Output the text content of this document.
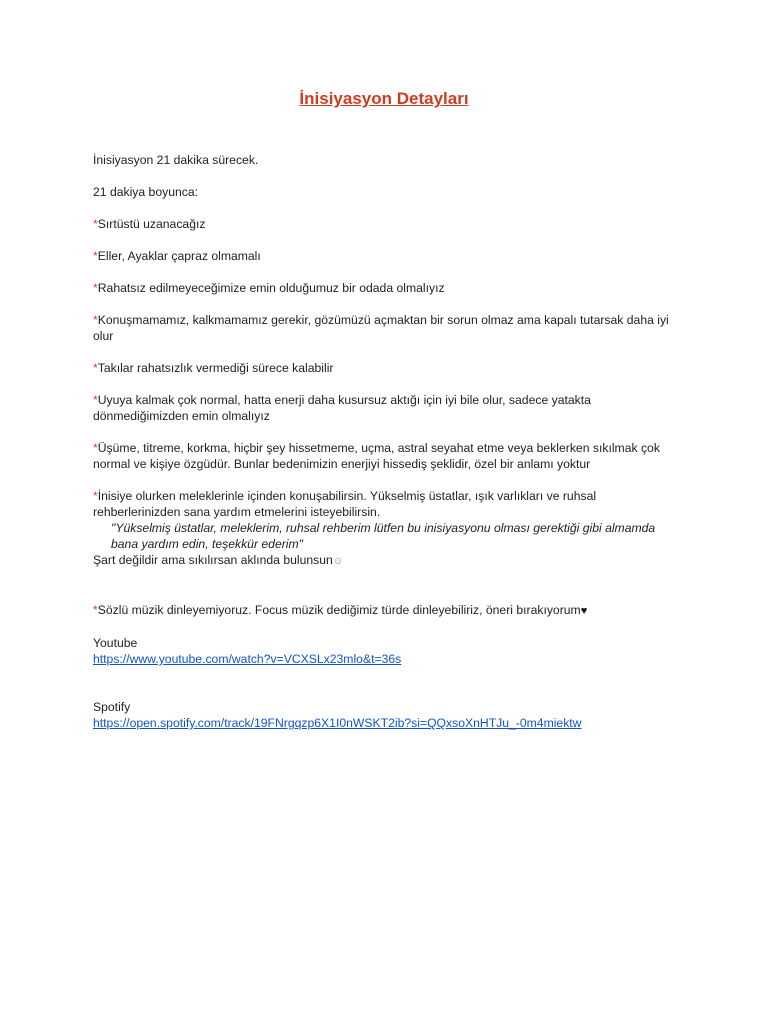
İnisiyasyon Detayları

İnisiyasyon 21 dakika sürecek.

21 dakiya boyunca:

*Sırtüstü uzanacağız

*Eller, Ayaklar çapraz olmamalı

*Rahatsız edilmeyeceğimize emin olduğumuz bir odada olmalıyız

*Konuşmamamız, kalkmamamız gerekir, gözümüzü açmaktan bir sorun olmaz ama kapalı tutarsak daha iyi olur

*Takılar rahatsızlık vermediği sürece kalabilir

*Uyuya kalmak çok normal, hatta enerji daha kusursuz aktığı için iyi bile olur, sadece yatakta dönmediğimizden emin olmalıyız

*Üşüme, titreme, korkma, hiçbir şey hissetmeme, uçma, astral seyahat etme veya beklerken sıkılmak çok normal ve kişiye özgüdür. Bunlar bedenimizin enerjiyi hissediş şeklidir, özel bir anlamı yoktur

*İnisiye olurken meleklerinle içinden konuşabilirsin. Yükselmiş üstatlar, ışık varlıkları ve ruhsal rehberlerinizden sana yardım etmelerini isteyebilirsin.

"Yükselmiş üstatlar, meleklerim, ruhsal rehberim lütfen bu inisiyasyonu olması gerektiği gibi almamda bana yardım edin, teşekkür ederim"

Şart değildir ama sıkılırsan aklında bulunsun☺

*Sözlü müzik dinleyemiyoruz. Focus müzik dediğimiz türde dinleyebiliriz, öneri bırakıyorum♥

Youtube

https://www.youtube.com/watch?v=VCXSLx23mlo&t=36s

Spotify

https://open.spotify.com/track/19FNrgqzp6X1I0nWSKT2ib?si=QQxsoXnHTJu_-0m4miektw
